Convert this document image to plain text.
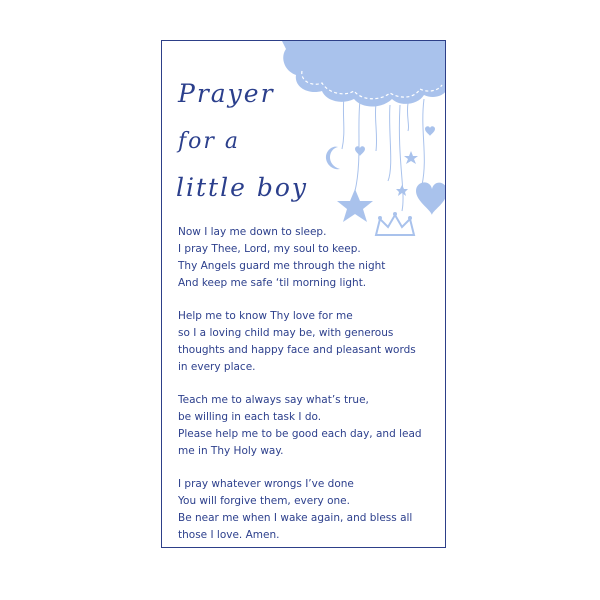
Prayer
for a
little boy
Now I lay me down to sleep.
I pray Thee, Lord, my soul to keep.
Thy Angels guard me through the night
And keep me safe ‘til morning light.
Help me to know Thy love for me
so I a loving child may be, with generous
thoughts and happy face and pleasant words
in every place.
Teach me to always say what’s true,
be willing in each task I do.
Please help me to be good each day, and lead
me in Thy Holy way.
I pray whatever wrongs I’ve done
You will forgive them, every one.
Be near me when I wake again, and bless all
those I love. Amen.
